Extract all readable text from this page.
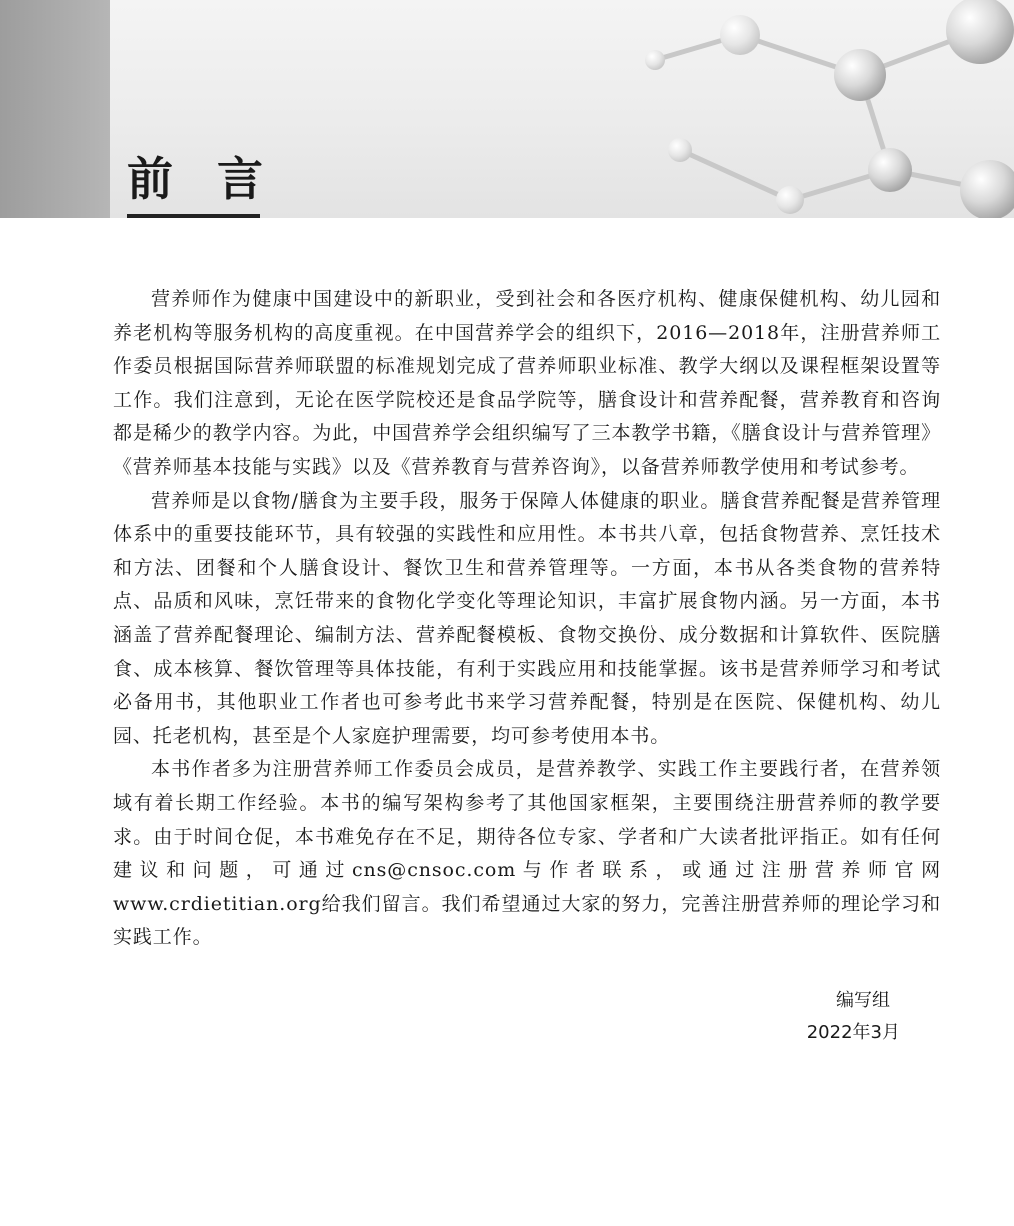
前言

营养师作为健康中国建设中的新职业，受到社会和各医疗机构、健康保健机构、幼儿园和养老机构等服务机构的高度重视。在中国营养学会的组织下，2016—2018年，注册营养师工作委员根据国际营养师联盟的标准规划完成了营养师职业标准、教学大纲以及课程框架设置等工作。我们注意到，无论在医学院校还是食品学院等，膳食设计和营养配餐，营养教育和咨询都是稀少的教学内容。为此，中国营养学会组织编写了三本教学书籍，《膳食设计与营养管理》《营养师基本技能与实践》以及《营养教育与营养咨询》，以备营养师教学使用和考试参考。

营养师是以食物/膳食为主要手段，服务于保障人体健康的职业。膳食营养配餐是营养管理体系中的重要技能环节，具有较强的实践性和应用性。本书共八章，包括食物营养、烹饪技术和方法、团餐和个人膳食设计、餐饮卫生和营养管理等。一方面，本书从各类食物的营养特点、品质和风味，烹饪带来的食物化学变化等理论知识，丰富扩展食物内涵。另一方面，本书涵盖了营养配餐理论、编制方法、营养配餐模板、食物交换份、成分数据和计算软件、医院膳食、成本核算、餐饮管理等具体技能，有利于实践应用和技能掌握。该书是营养师学习和考试必备用书，其他职业工作者也可参考此书来学习营养配餐，特别是在医院、保健机构、幼儿园、托老机构，甚至是个人家庭护理需要，均可参考使用本书。

本书作者多为注册营养师工作委员会成员，是营养教学、实践工作主要践行者，在营养领域有着长期工作经验。本书的编写架构参考了其他国家框架，主要围绕注册营养师的教学要求。由于时间仓促，本书难免存在不足，期待各位专家、学者和广大读者批评指正。如有任何建议和问题，可通过cns@cnsoc.com与作者联系，或通过注册营养师官网www.crdietitian.org给我们留言。我们希望通过大家的努力，完善注册营养师的理论学习和实践工作。

编写组
2022年3月
